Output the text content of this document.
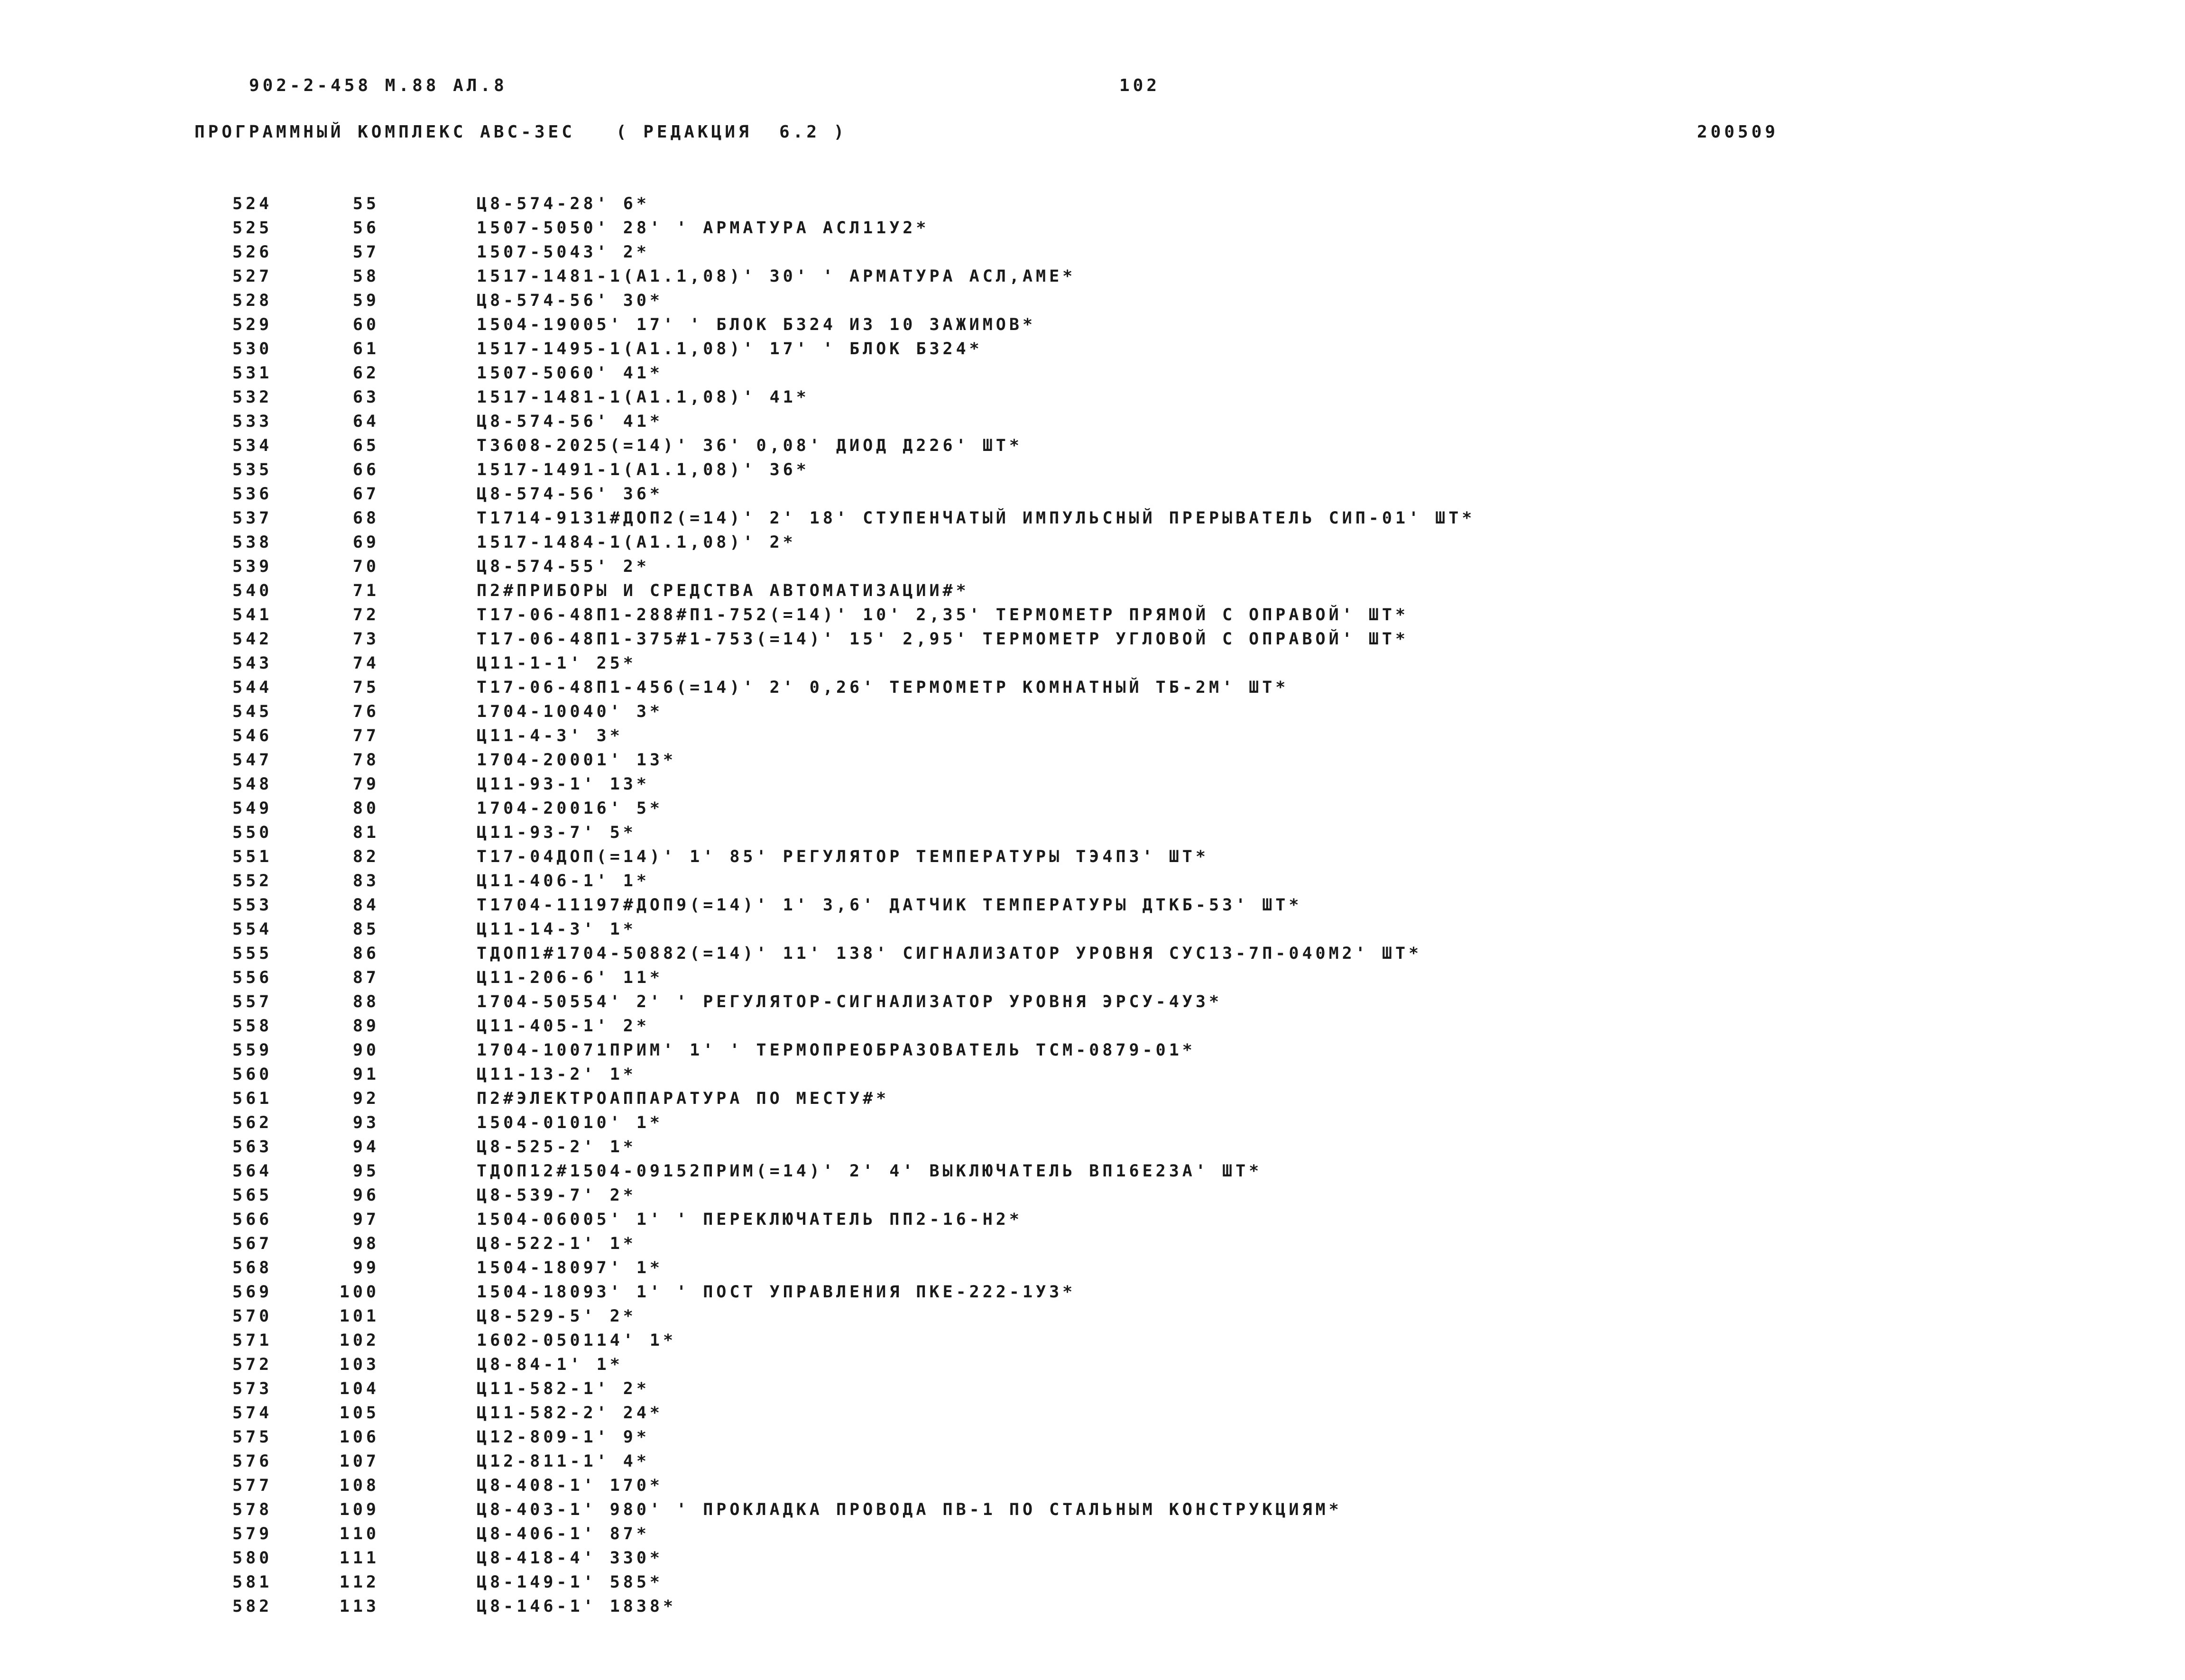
902-2-458 М.88 АЛ.8	102
ПРОГРАММНЫЙ КОМПЛЕКС АВС-3ЕС   ( РЕДАКЦИЯ  6.2 )	200509
524	55	Ц8-574-28' 6*
525	56	1507-5050' 28' ' АРМАТУРА АСЛ11У2*
526	57	1507-5043' 2*
527	58	1517-1481-1(А1.1,08)' 30' ' АРМАТУРА АСЛ,АМЕ*
528	59	Ц8-574-56' 30*
529	60	1504-19005' 17' ' БЛОК Б324 ИЗ 10 ЗАЖИМОВ*
530	61	1517-1495-1(А1.1,08)' 17' ' БЛОК Б324*
531	62	1507-5060' 41*
532	63	1517-1481-1(А1.1,08)' 41*
533	64	Ц8-574-56' 41*
534	65	Т3608-2025(=14)' 36' 0,08' ДИОД Д226' ШТ*
535	66	1517-1491-1(А1.1,08)' 36*
536	67	Ц8-574-56' 36*
537	68	Т1714-9131#ДОП2(=14)' 2' 18' СТУПЕНЧАТЫЙ ИМПУЛЬСНЫЙ ПРЕРЫВАТЕЛЬ СИП-01' ШТ*
538	69	1517-1484-1(А1.1,08)' 2*
539	70	Ц8-574-55' 2*
540	71	П2#ПРИБОРЫ И СРЕДСТВА АВТОМАТИЗАЦИИ#*
541	72	Т17-06-48П1-288#П1-752(=14)' 10' 2,35' ТЕРМОМЕТР ПРЯМОЙ С ОПРАВОЙ' ШТ*
542	73	Т17-06-48П1-375#1-753(=14)' 15' 2,95' ТЕРМОМЕТР УГЛОВОЙ С ОПРАВОЙ' ШТ*
543	74	Ц11-1-1' 25*
544	75	Т17-06-48П1-456(=14)' 2' 0,26' ТЕРМОМЕТР КОМНАТНЫЙ ТБ-2М' ШТ*
545	76	1704-10040' 3*
546	77	Ц11-4-3' 3*
547	78	1704-20001' 13*
548	79	Ц11-93-1' 13*
549	80	1704-20016' 5*
550	81	Ц11-93-7' 5*
551	82	Т17-04ДОП(=14)' 1' 85' РЕГУЛЯТОР ТЕМПЕРАТУРЫ ТЭ4П3' ШТ*
552	83	Ц11-406-1' 1*
553	84	Т1704-11197#ДОП9(=14)' 1' 3,6' ДАТЧИК ТЕМПЕРАТУРЫ ДТКБ-53' ШТ*
554	85	Ц11-14-3' 1*
555	86	ТДОП1#1704-50882(=14)' 11' 138' СИГНАЛИЗАТОР УРОВНЯ СУС13-7П-040М2' ШТ*
556	87	Ц11-206-6' 11*
557	88	1704-50554' 2' ' РЕГУЛЯТОР-СИГНАЛИЗАТОР УРОВНЯ ЭРСУ-4У3*
558	89	Ц11-405-1' 2*
559	90	1704-10071ПРИМ' 1' ' ТЕРМОПРЕОБРАЗОВАТЕЛЬ ТСМ-0879-01*
560	91	Ц11-13-2' 1*
561	92	П2#ЭЛЕКТРОАППАРАТУРА ПО МЕСТУ#*
562	93	1504-01010' 1*
563	94	Ц8-525-2' 1*
564	95	ТДОП12#1504-09152ПРИМ(=14)' 2' 4' ВЫКЛЮЧАТЕЛЬ ВП16Е23А' ШТ*
565	96	Ц8-539-7' 2*
566	97	1504-06005' 1' ' ПЕРЕКЛЮЧАТЕЛЬ ПП2-16-Н2*
567	98	Ц8-522-1' 1*
568	99	1504-18097' 1*
569	100	1504-18093' 1' ' ПОСТ УПРАВЛЕНИЯ ПКЕ-222-1У3*
570	101	Ц8-529-5' 2*
571	102	1602-050114' 1*
572	103	Ц8-84-1' 1*
573	104	Ц11-582-1' 2*
574	105	Ц11-582-2' 24*
575	106	Ц12-809-1' 9*
576	107	Ц12-811-1' 4*
577	108	Ц8-408-1' 170*
578	109	Ц8-403-1' 980' ' ПРОКЛАДКА ПРОВОДА ПВ-1 ПО СТАЛЬНЫМ КОНСТРУКЦИЯМ*
579	110	Ц8-406-1' 87*
580	111	Ц8-418-4' 330*
581	112	Ц8-149-1' 585*
582	113	Ц8-146-1' 1838*
